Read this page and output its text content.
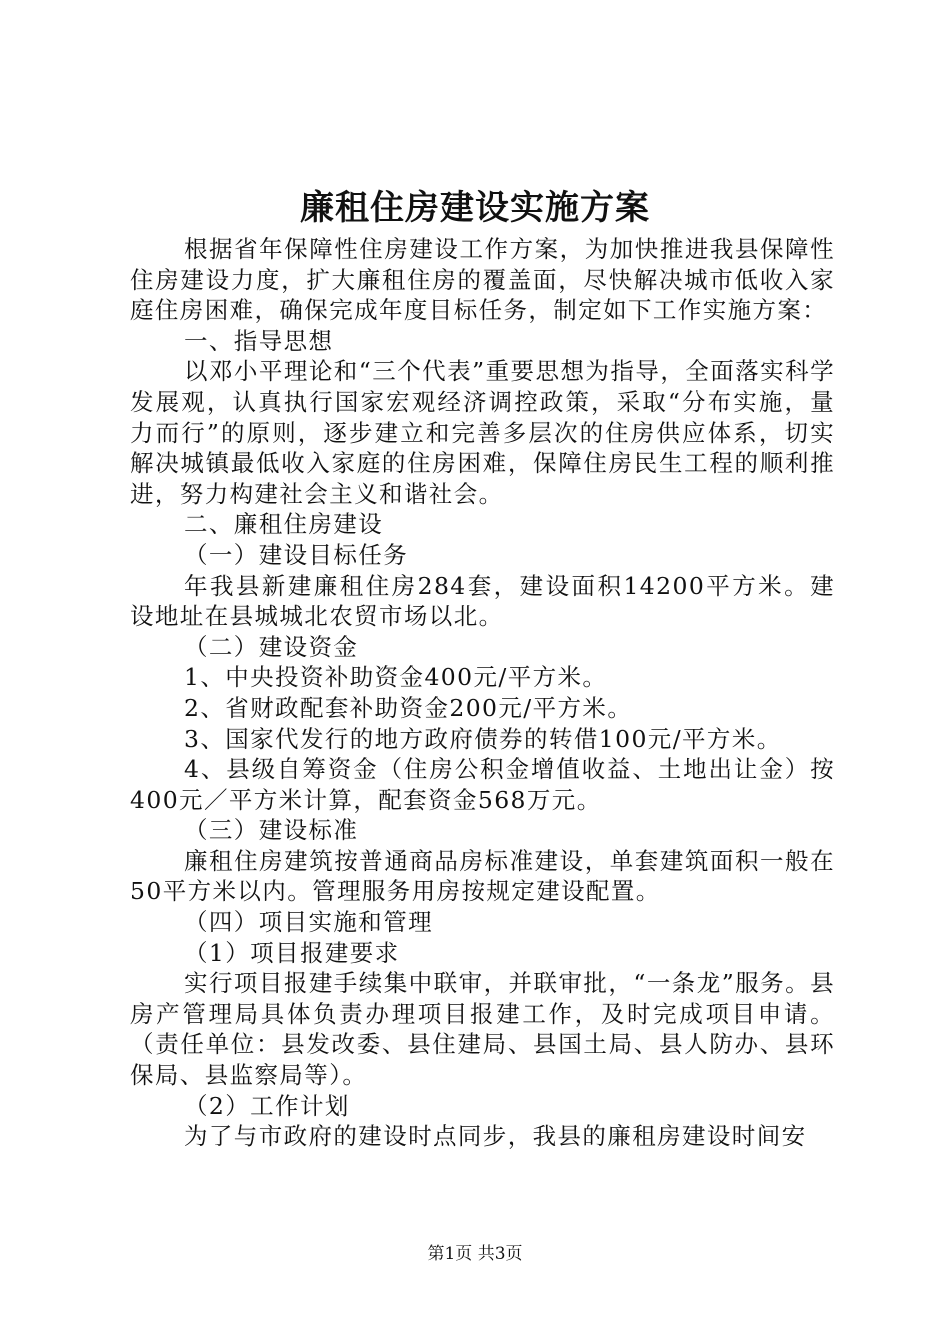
廉租住房建设实施方案

根据省年保障性住房建设工作方案，为加快推进我县保障性住房建设力度，扩大廉租住房的覆盖面，尽快解决城市低收入家庭住房困难，确保完成年度目标任务，制定如下工作实施方案：

一、指导思想

以邓小平理论和“三个代表”重要思想为指导，全面落实科学发展观，认真执行国家宏观经济调控政策，采取“分布实施，量力而行”的原则，逐步建立和完善多层次的住房供应体系，切实解决城镇最低收入家庭的住房困难，保障住房民生工程的顺利推进，努力构建社会主义和谐社会。

二、廉租住房建设

（一）建设目标任务

年我县新建廉租住房284套，建设面积14200平方米。建设地址在县城城北农贸市场以北。

（二）建设资金

1、中央投资补助资金400元/平方米。

2、省财政配套补助资金200元/平方米。

3、国家代发行的地方政府债券的转借100元/平方米。

4、县级自筹资金（住房公积金增值收益、土地出让金）按400元／平方米计算，配套资金568万元。

（三）建设标准

廉租住房建筑按普通商品房标准建设，单套建筑面积一般在50平方米以内。管理服务用房按规定建设配置。

（四）项目实施和管理

（1）项目报建要求

实行项目报建手续集中联审，并联审批，“一条龙”服务。县房产管理局具体负责办理项目报建工作，及时完成项目申请。（责任单位：县发改委、县住建局、县国土局、县人防办、县环保局、县监察局等）。

（2）工作计划

为了与市政府的建设时点同步，我县的廉租房建设时间安

第1页 共3页
